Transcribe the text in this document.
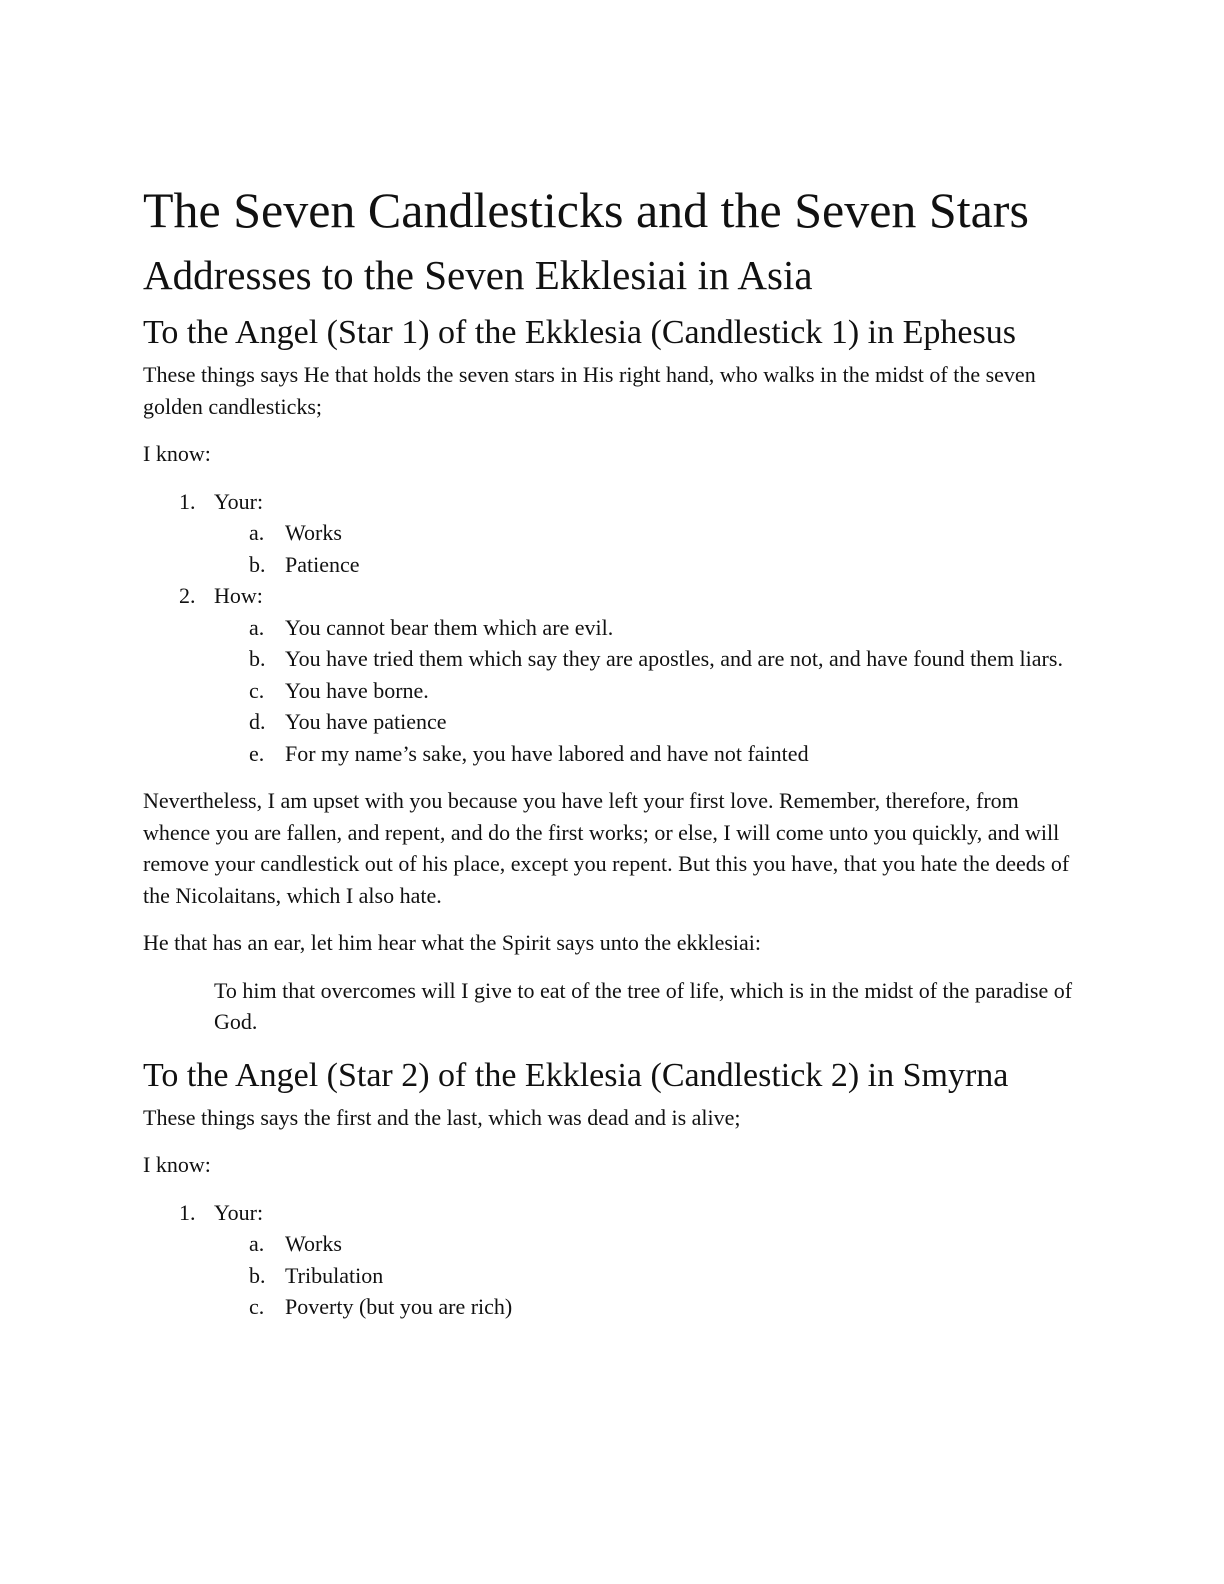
The Seven Candlesticks and the Seven Stars
Addresses to the Seven Ekklesiai in Asia
To the Angel (Star 1) of the Ekklesia (Candlestick 1) in Ephesus

These things says He that holds the seven stars in His right hand, who walks in the midst of the seven golden candlesticks;

I know:

1. Your:
a. Works
b. Patience
2. How:
a. You cannot bear them which are evil.
b. You have tried them which say they are apostles, and are not, and have found them liars.
c. You have borne.
d. You have patience
e. For my name’s sake, you have labored and have not fainted

Nevertheless, I am upset with you because you have left your first love. Remember, therefore, from whence you are fallen, and repent, and do the first works; or else, I will come unto you quickly, and will remove your candlestick out of his place, except you repent. But this you have, that you hate the deeds of the Nicolaitans, which I also hate.

He that has an ear, let him hear what the Spirit says unto the ekklesiai:

To him that overcomes will I give to eat of the tree of life, which is in the midst of the paradise of God.
To the Angel (Star 2) of the Ekklesia (Candlestick 2) in Smyrna

These things says the first and the last, which was dead and is alive;

I know:

1. Your:
a. Works
b. Tribulation
c. Poverty (but you are rich)
